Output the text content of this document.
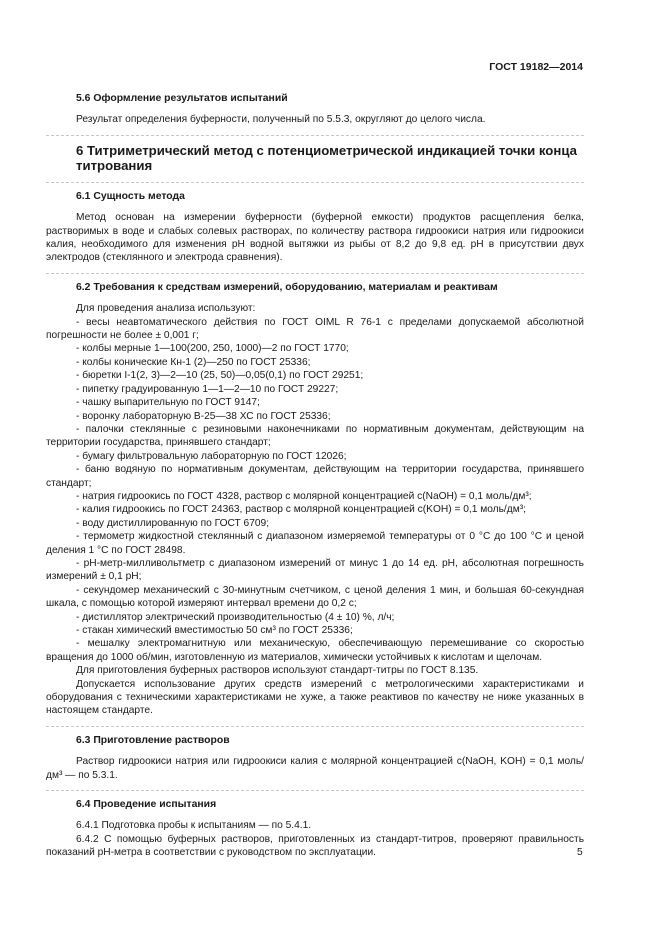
ГОСТ 19182—2014
5.6 Оформление результатов испытаний
Результат определения буферности, полученный по 5.5.3, округляют до целого числа.
6 Титриметрический метод с потенциометрической индикацией точки конца титрования
6.1 Сущность метода
Метод основан на измерении буферности (буферной емкости) продуктов расщепления белка, растворимых в воде и слабых солевых растворах, по количеству раствора гидроокиси натрия или гидроокиси калия, необходимого для изменения pH водной вытяжки из рыбы от 8,2 до 9,8 ед. pH в присутствии двух электродов (стеклянного и электрода сравнения).
6.2 Требования к средствам измерений, оборудованию, материалам и реактивам
Для проведения анализа используют:
- весы неавтоматического действия по ГОСТ OIML R 76-1 с пределами допускаемой абсолютной погрешности не более ± 0,001 г;
- колбы мерные 1—100(200, 250, 1000)—2 по ГОСТ 1770;
- колбы конические Кн-1 (2)—250 по ГОСТ 25336;
- бюретки I-1(2, 3)—2—10 (25, 50)—0,05(0,1) по ГОСТ 29251;
- пипетку градуированную 1—1—2—10 по ГОСТ 29227;
- чашку выпарительную по ГОСТ 9147;
- воронку лабораторную В-25—38 ХС по ГОСТ 25336;
- палочки стеклянные с резиновыми наконечниками по нормативным документам, действующим на территории государства, принявшего стандарт;
- бумагу фильтровальную лабораторную по ГОСТ 12026;
- баню водяную по нормативным документам, действующим на территории государства, принявшего стандарт;
- натрия гидроокись по ГОСТ 4328, раствор с молярной концентрацией c(NaOH) = 0,1 моль/дм³;
- калия гидроокись по ГОСТ 24363, раствор с молярной концентрацией c(KOH) = 0,1 моль/дм³;
- воду дистиллированную по ГОСТ 6709;
- термометр жидкостной стеклянный с диапазоном измеряемой температуры от 0 °С до 100 °С и ценой деления 1 °С по ГОСТ 28498.
- pH-метр-милливольтметр с диапазоном измерений от минус 1 до 14 ед. pH, абсолютная погрешность измерений ± 0,1 pH;
- секундомер механический с 30-минутным счетчиком, с ценой деления 1 мин, и большая 60-секундная шкала, с помощью которой измеряют интервал времени до 0,2 с;
- дистиллятор электрический производительностью (4 ± 10) %, л/ч;
- стакан химический вместимостью 50 см³ по ГОСТ 25336;
- мешалку электромагнитную или механическую, обеспечивающую перемешивание со скоростью вращения до 1000 об/мин, изготовленную из материалов, химически устойчивых к кислотам и щелочам.
Для приготовления буферных растворов используют стандарт-титры по ГОСТ 8.135.
Допускается использование других средств измерений с метрологическими характеристиками и оборудования с техническими характеристиками не хуже, а также реактивов по качеству не ниже указанных в настоящем стандарте.
6.3 Приготовление растворов
Раствор гидроокиси натрия или гидроокиси калия с молярной концентрацией c(NaOH, KOH) = 0,1 моль/дм³ — по 5.3.1.
6.4 Проведение испытания
6.4.1 Подготовка пробы к испытаниям — по 5.4.1.
6.4.2 С помощью буферных растворов, приготовленных из стандарт-титров, проверяют правильность показаний pH-метра в соответствии с руководством по эксплуатации.	5
